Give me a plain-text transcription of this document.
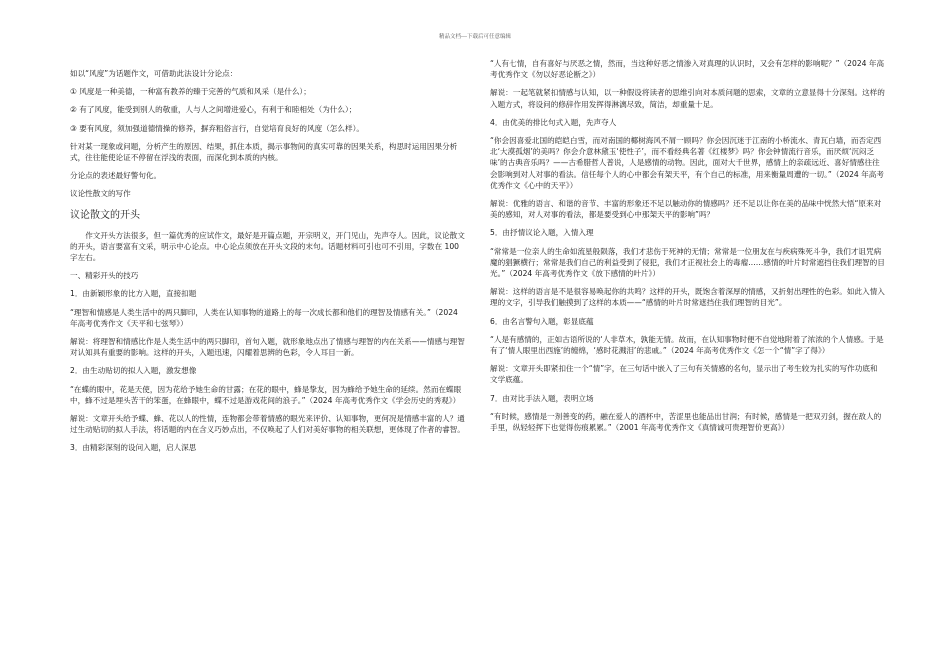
精品文档---下载后可任意编辑

如以“风度”为话题作文，可借助此法设计分论点：

① 风度是一种美德，一种富有教养的臻于完善的气质和风采（是什么）；

② 有了风度，能受到别人的敬重，人与人之间增进爱心，有利于和睦相处（为什么）；

③ 要有风度，须加强道德情操的修养，摒弃粗俗言行，自觉培育良好的风度（怎么样）。

针对某一现象或问题，分析产生的原因、结果，抓住本质，揭示事物间的真实可靠的因果关系，构思时运用因果分析式，往往能使论证不停留在浮浅的表面，而深化到本质的内核。

分论点的表述最好警句化。

议论性散文的写作

议论散文的开头

作文开头方法很多，但一篇优秀的应试作文，最好是开篇点题，开宗明义，开门见山，先声夺人。因此，议论散文的开头，语言要富有文采，明示中心论点。中心论点须放在开头文段的末句。话题材料可引也可不引用，字数在 100 字左右。

一、精彩开头的技巧

1．由新颖形象的比方入题，直接扣题

“理智和情感是人类生活中的两只脚印，人类在认知事物的道路上的每一次成长都和他们的理智及情感有关。”（2024 年高考优秀作文《天平和七弦琴》）

解说：将理智和情感比作是人类生活中的两只脚印，首句入题，就形象地点出了情感与理智的内在关系——情感与理智对认知具有重要的影响。这样的开头，入题迅速，闪耀着思辨的色彩，令人耳目一新。

2．由生动贴切的拟人入题，激发想像

“在蝶的眼中，花是天使，因为花给予她生命的甘露；在花的眼中，蜂是挚友，因为蜂给予她生命的延续。然而在蝶眼中，蜂不过是埋头苦干的笨蛋，在蜂眼中，蝶不过是游戏花间的浪子。”（2024 年高考优秀作文《学会历史的秀观》）

解说：文章开头给予蝶、蜂、花以人的性情，连物都会带着情感的眼光来评价、认知事物，更何况是情感丰富的人？通过生动贴切的拟人手法，将话题的内在含义巧妙点出，不仅唤起了人们对美好事物的相关联想，更体现了作者的睿智。

3．由精彩深刻的设问入题，启人深思

“人有七情，自有喜好与厌恶之情，然而，当这种好恶之情渗入对真理的认识时，又会有怎样的影响呢？”（2024 年高考优秀作文《勿以好恶论断之》）

解说：一起笔就紧扣情感与认知，以一种假设将读者的思维引向对本质问题的思索，文章的立意显得十分深刻。这样的入题方式，将设问的修辞作用发挥得淋漓尽致，简洁，却重量十足。

4．由优美的排比句式入题，先声夺人

“你会因喜爱北国的皑皑白雪，而对南国的椰树海风不屑一顾吗？你会因沉迷于江南的小桥流水、青瓦白墙，而否定西北‘大漠孤烟’的美吗？你会介意林黛玉‘使性子’，而不看经典名著《红楼梦》吗？你会钟情流行音乐，而厌烦‘沉闷乏味’的古典音乐吗？——古希腊哲人普说，人是感情的动物。因此，面对大千世界，感情上的亲疏远近、喜好情感往往会影响到对人对事的看法。信任每个人的心中都会有架天平，有个自己的标准，用来衡量周遭的一切。”（2024 年高考优秀作文《心中的天平》）

解说：优雅的语言、和谐的音节、丰富的形象还不足以触动你的情感吗？还不足以让你在美的品味中恍然大悟“原来对美的感知，对人对事的看法，都是要受到心中那架天平的影响”吗？

5．由抒情议论入题，入情入理

“常常是一位亲人的生命如流星般陨落，我们才悲伤于死神的无情；常常是一位朋友在与疾病殊死斗争，我们才诅咒病魔的猖獗横行；常常是我们自己的利益受到了侵犯，我们才正视社会上的毒瘤……感情的叶片时常遮挡住我们理智的目光。”（2024 年高考优秀作文《放下感情的叶片》）

解说：这样的语言是不是很容易唤起你的共鸣？这样的开头，既饱含着深厚的情感，又折射出理性的色彩。如此入情入理的文字，引导我们触摸到了这样的本质——“感情的叶片时常遮挡住我们理智的目光”。

6．由名言警句入题，彰显底蕴

“人是有感情的，正如古语所说的‘人非草木，孰能无情。故而，在认知事物时便不自觉地附着了浓浓的个人情感。于是有了‘情人眼里出西施’的缠绵，‘感时花溅泪’的悲戚。”（2024 年高考优秀作文《怎一个“情”字了得》）

解说：文章开头即紧扣住一个“情”字，在三句话中嵌入了三句有关情感的名句，显示出了考生较为扎实的写作功底和文学底蕴。

7．由对比手法入题，表明立场

“有时候，感情是一剂善变的药，融在爱人的酒杯中，苦涩里也能品出甘润；有时候，感情是一把双刃剑，握在敌人的手里，纵轻轻挥下也觉得伤痕累累。”（2001 年高考优秀作文《真情诚可贵理智价更高》）
